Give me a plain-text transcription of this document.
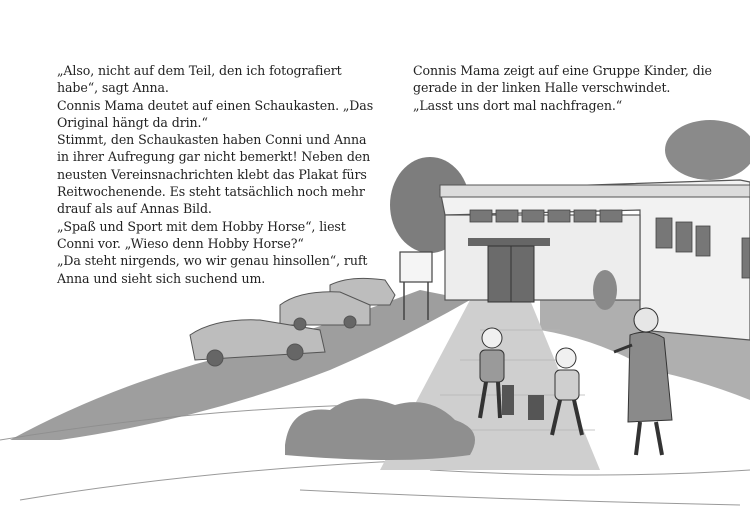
„Also, nicht auf dem Teil, den ich fotografiert habe“, sagt Anna.

Connis Mama deutet auf einen Schaukasten. „Das Original hängt da drin.“

Stimmt, den Schaukasten haben Conni und Anna in ihrer Aufregung gar nicht bemerkt! Neben den neusten Vereinsnachrichten klebt das Plakat fürs Reitwochenende. Es steht tatsächlich noch mehr drauf als auf Annas Bild.

„Spaß und Sport mit dem Hobby Horse“, liest Conni vor. „Wieso denn Hobby Horse?“

„Da steht nirgends, wo wir genau hinsollen“, ruft Anna und sieht sich suchend um.

Connis Mama zeigt auf eine Gruppe Kinder, die gerade in der linken Halle verschwindet. „Lasst uns dort mal nachfragen.“
